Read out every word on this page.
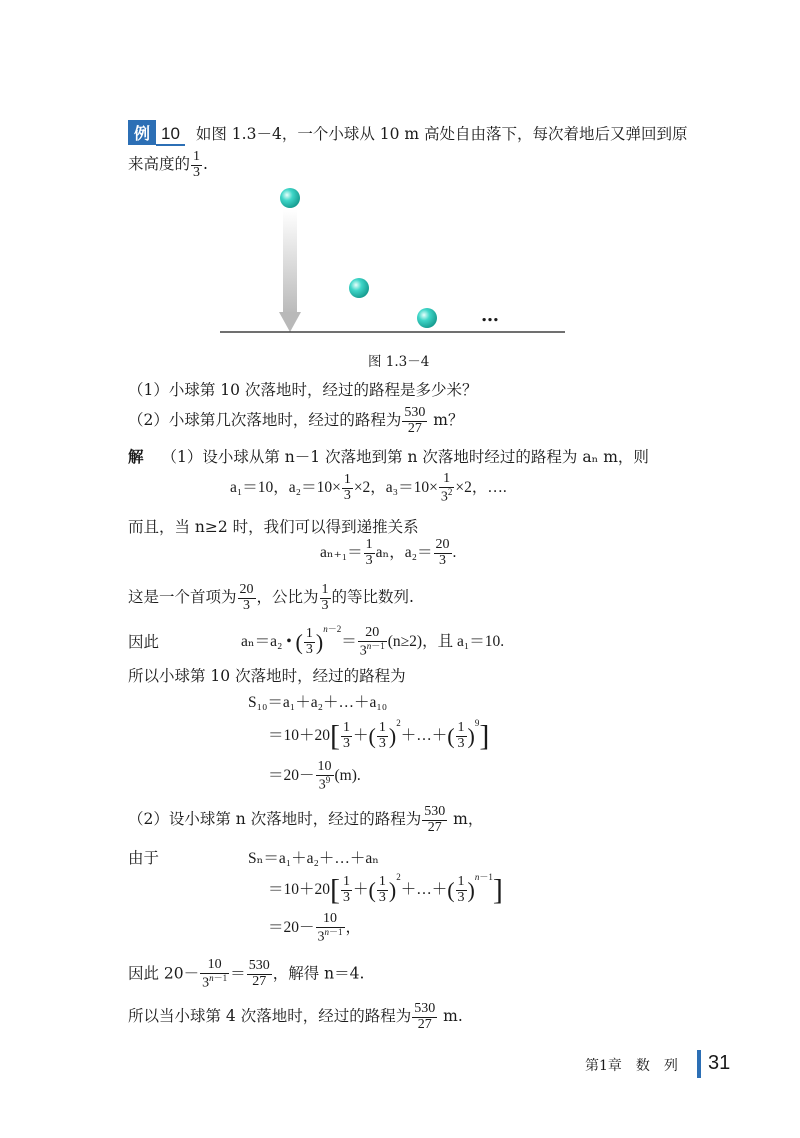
例 10 如图 1.3－4，一个小球从 10 m 高处自由落下，每次着地后又弹回到原
来高度的 $\frac{1}{3}$ .
…
图 1.3－4
（1）小球第 10 次落地时，经过的路程是多少米？
（2）小球第几次落地时，经过的路程为 $\frac{530}{27}$ m？
解 （1）设小球从第 n－1 次落地到第 n 次落地时经过的路程为 aₙ m，则
a₁＝10，$a_2=10\times \frac{1}{3} \times 2$，$a_3=10\times \frac{1}{3^2} \times 2$，….
而且，当 n≥2 时，我们可以得到递推关系
$a_{n+1}= \frac{1}{3}$ aₙ，$a_2= \frac{20}{3}$ .
这是一个首项为 $\frac{20}{3}$ ，公比为 $\frac{1}{3}$ 的等比数列.
因此	aₙ＝a₂ • ( $\frac{1}{3} )^{n-2}= \frac{20}{3^{n-1}} (n\ge 2)$，且 a₁＝10.
所以小球第 10 次落地时，经过的路程为
S₁₀＝a₁＋a₂＋…＋a₁₀
$=10+20[ \frac{1}{3}$ ＋( $\frac{1}{3}$ )$^2$＋…＋( $\frac{1}{3} )^9$]
$=20- \frac{10}{3^9} (m)$.
（2）设小球第 n 次落地时，经过的路程为 $\frac{530}{27}$ m，
由于	Sₙ＝a₁＋a₂＋…＋aₙ
$=10+20[ \frac{1}{3}$ ＋( $\frac{1}{3}$ )$^2$＋…＋( $\frac{1}{3} )^{n-1}$]
$=20- \frac{10}{3^{n-1}}$ ，
因此 $20- \frac{10}{3^{n-1}} = \frac{530}{27}$ ，解得 n＝4.
所以当小球第 4 次落地时，经过的路程为 $\frac{530}{27} m$.
第1章　数　列 31
